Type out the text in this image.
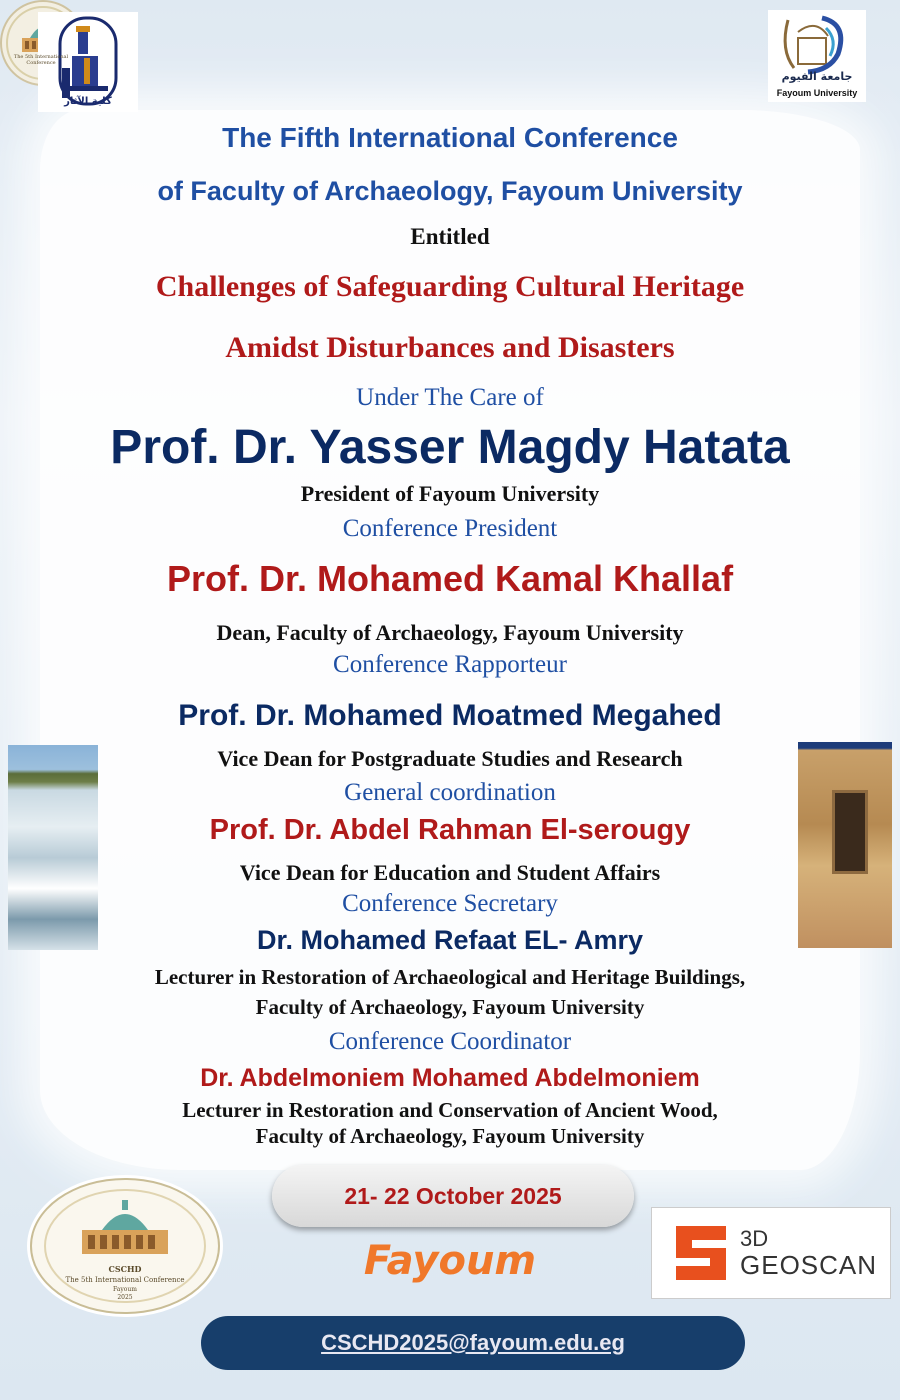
كلية الآثار
The 5th International Conference
جامعة الفيوم
Fayoum University
The Fifth International Conference
of Faculty of Archaeology, Fayoum University
Entitled
Challenges of Safeguarding Cultural Heritage
Amidst Disturbances and Disasters
Under The Care of
Prof. Dr. Yasser Magdy Hatata
President of Fayoum University
Conference President
Prof. Dr. Mohamed Kamal Khallaf
Dean, Faculty of Archaeology, Fayoum University
Conference Rapporteur
Prof. Dr. Mohamed Moatmed Megahed
Vice Dean for Postgraduate Studies and Research
General coordination
Prof. Dr. Abdel Rahman El-serougy
Vice Dean for Education and Student Affairs
Conference Secretary
Dr. Mohamed Refaat EL- Amry
Lecturer in Restoration of Archaeological and Heritage Buildings,
Faculty of Archaeology, Fayoum University
Conference Coordinator
Dr. Abdelmoniem Mohamed Abdelmoniem
Lecturer in Restoration and Conservation of Ancient Wood,
Faculty of Archaeology, Fayoum University
CSCHD
The 5th International Conference
Fayoum
2025
21- 22 October 2025
Fayoum	3D
GEOSCAN
CSCHD2025@fayoum.edu.eg
